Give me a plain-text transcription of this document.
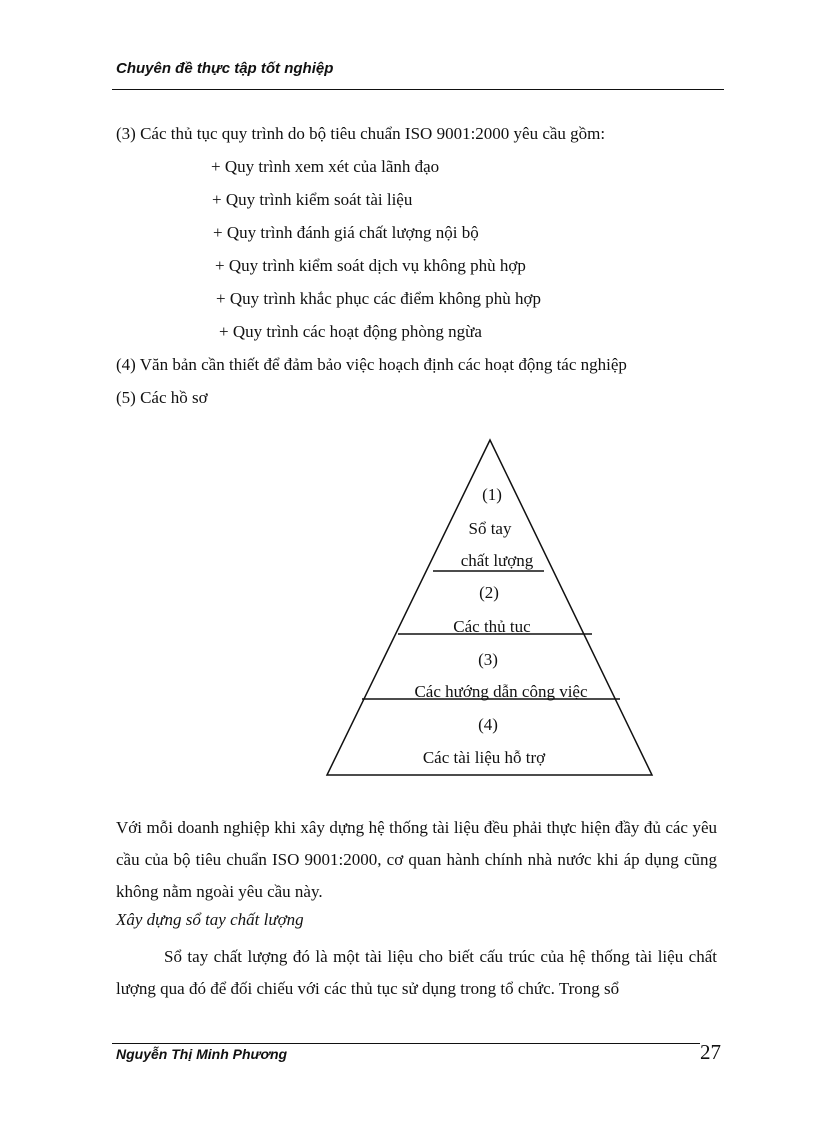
Chuyên đề thực tập tốt nghiệp
(3) Các thủ tục quy trình do bộ tiêu chuẩn ISO 9001:2000 yêu cầu gồm:
+ Quy trình xem xét của lãnh đạo
+ Quy trình kiểm soát tài liệu
+ Quy trình đánh giá chất lượng nội bộ
+ Quy trình kiểm soát dịch vụ không phù hợp
+ Quy trình khắc phục các điểm không phù hợp
+ Quy trình các hoạt động phòng ngừa
(4) Văn bản cần thiết để đảm bảo việc hoạch định các hoạt động tác nghiệp
(5) Các hồ sơ
(1)
Sổ tay
chất lượng
(2)
Các thủ tuc
(3)
Các hướng dẫn công việc
(4)
Các tài liệu hỗ trợ
Với mỗi doanh nghiệp khi xây dựng hệ thống tài liệu đều phải thực hiện đầy đủ các yêu cầu của bộ tiêu chuẩn ISO 9001:2000, cơ quan hành chính nhà nước khi áp dụng cũng không nằm ngoài yêu cầu này.
Xây dựng sổ tay chất lượng
Sổ tay chất lượng đó là một tài liệu cho biết cấu trúc của hệ thống tài liệu chất lượng qua đó để đối chiếu với các thủ tục sử dụng trong tổ chức. Trong sổ
Nguyễn Thị Minh Phương	27
